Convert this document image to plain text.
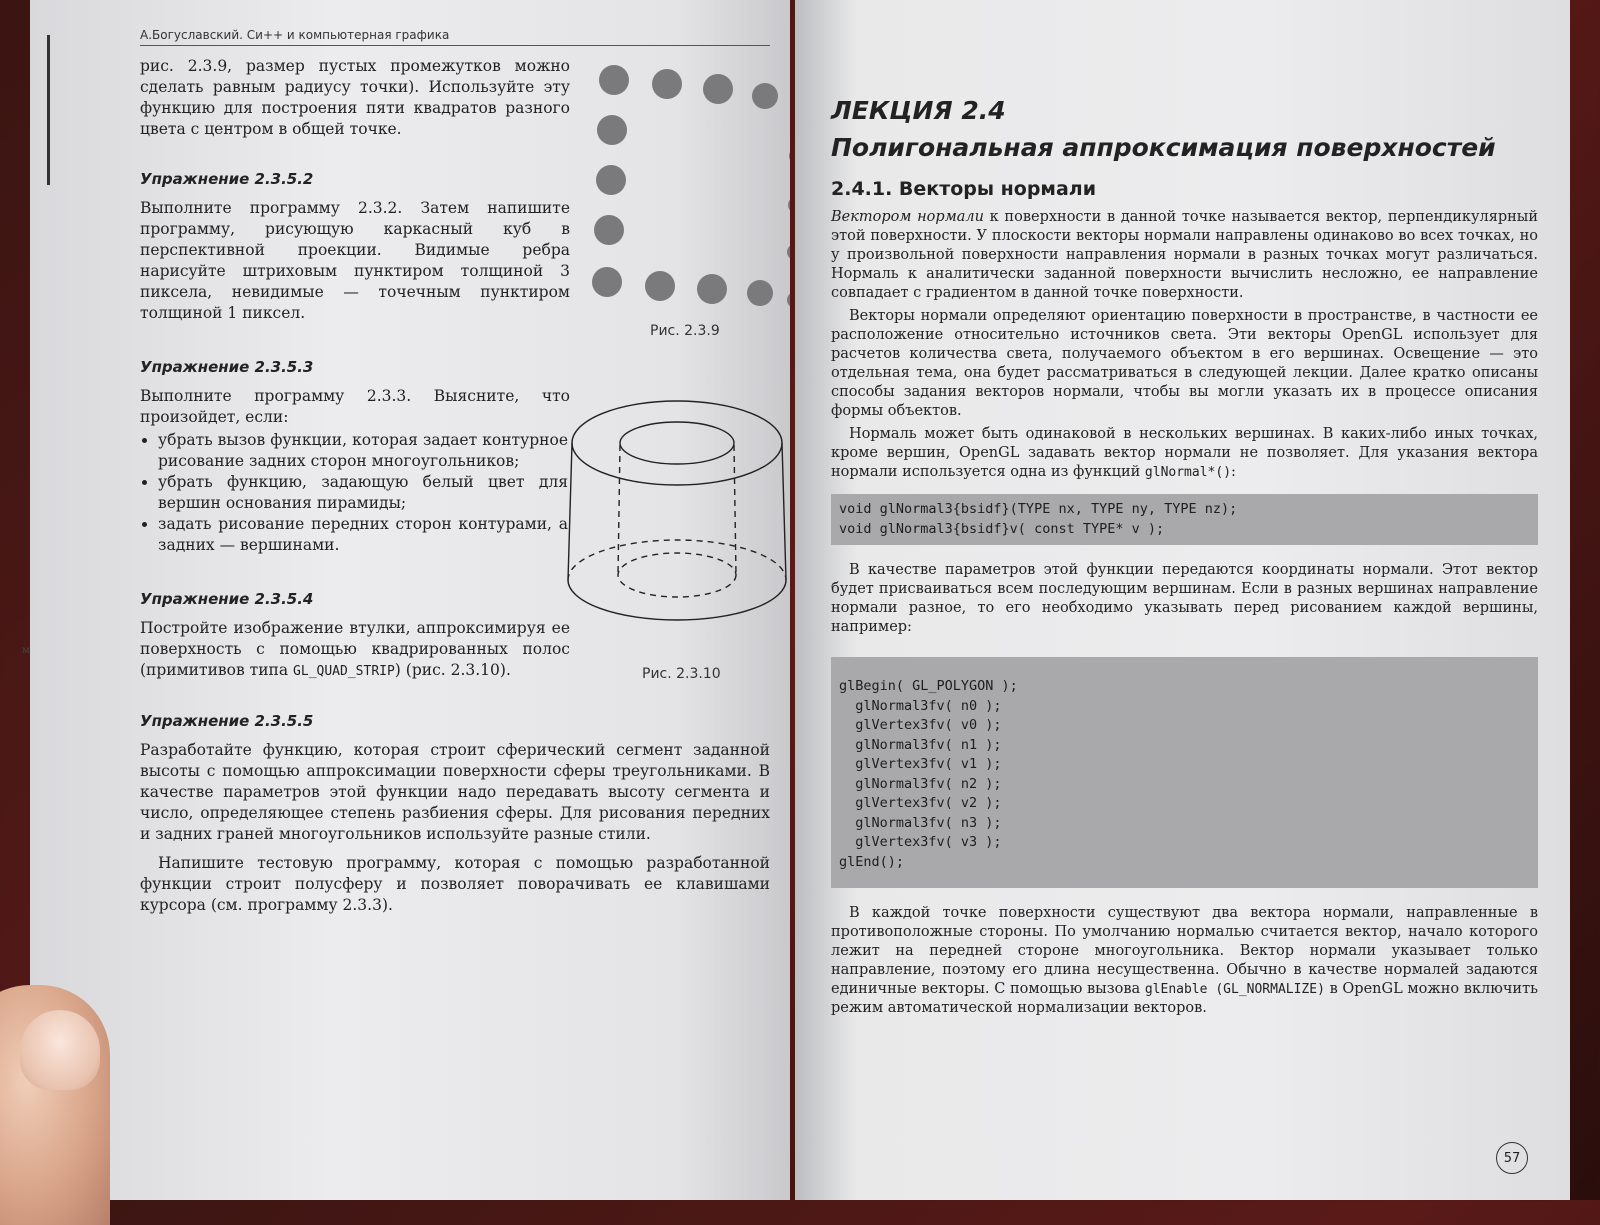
А.Богуславский. Си++ и компьютерная графика

рис. 2.3.9, размер пустых промежутков можно сделать равным радиусу точки). Используйте эту функцию для построения пяти квадратов разного цвета с центром в общей точке.

Упражнение 2.3.5.2

Выполните программу 2.3.2. Затем напишите программу, рисующую каркасный куб в перспективной проекции. Видимые ребра нарисуйте штриховым пунктиром толщиной 3 пиксела, невидимые — точечным пунктиром толщиной 1 пиксел.

Упражнение 2.3.5.3

Выполните программу 2.3.3. Выясните, что произойдет, если:

• убрать вызов функции, которая задает контурное рисование задних сторон многоугольников;
• убрать функцию, задающую белый цвет для вершин основания пирамиды;
• задать рисование передних сторон контурами, а задних — вершинами.
Упражнение 2.3.5.4

Постройте изображение втулки, аппроксимируя ее поверхность с помощью квадрированных полос (примитивов типа GL_QUAD_STRIP) (рис. 2.3.10).

Упражнение 2.3.5.5

Разработайте функцию, которая строит сферический сегмент заданной высоты с помощью аппроксимации поверхности сферы треугольниками. В качестве параметров этой функции надо передавать высоту сегмента и число, определяющее степень разбиения сферы. Для рисования передних и задних граней многоугольников используйте разные стили.

Напишите тестовую программу, которая с помощью разработанной функции строит полусферу и позволяет поворачивать ее клавишами курсора (см. программу 2.3.3).

Рис. 2.3.9
Рис. 2.3.10
м
ЛЕКЦИЯ 2.4
Полигональная аппроксимация поверхностей
2.4.1. Векторы нормали

Вектором нормали к поверхности в данной точке называется вектор, перпендикулярный этой поверхности. У плоскости векторы нормали направлены одинаково во всех точках, но у произвольной поверхности направления нормали в разных точках могут различаться. Нормаль к аналитически заданной поверхности вычислить несложно, ее направление совпадает с градиентом в данной точке поверхности.

Векторы нормали определяют ориентацию поверхности в пространстве, в частности ее расположение относительно источников света. Эти векторы OpenGL использует для расчетов количества света, получаемого объектом в его вершинах. Освещение — это отдельная тема, она будет рассматриваться в следующей лекции. Далее кратко описаны способы задания векторов нормали, чтобы вы могли указать их в процессе описания формы объектов.

Нормаль может быть одинаковой в нескольких вершинах. В каких-либо иных точках, кроме вершин, OpenGL задавать вектор нормали не позволяет. Для указания вектора нормали используется одна из функций glNormal*():

void glNormal3{bsidf}(TYPE nx, TYPE ny, TYPE nz);
void glNormal3{bsidf}v( const TYPE* v );

В качестве параметров этой функции передаются координаты нормали. Этот вектор будет присваиваться всем последующим вершинам. Если в разных вершинах направление нормали разное, то его необходимо указывать перед рисованием каждой вершины, например:

glBegin( GL_POLYGON );
glNormal3fv( n0 );
glVertex3fv( v0 );
glNormal3fv( n1 );
glVertex3fv( v1 );
glNormal3fv( n2 );
glVertex3fv( v2 );
glNormal3fv( n3 );
glVertex3fv( v3 );
glEnd();

В каждой точке поверхности существуют два вектора нормали, направленные в противоположные стороны. По умолчанию нормалью считается вектор, начало которого лежит на передней стороне многоугольника. Вектор нормали указывает только направление, поэтому его длина несущественна. Обычно в качестве нормалей задаются единичные векторы. С помощью вызова glEnable (GL_NORMALIZE) в OpenGL можно включить режим автоматической нормализации векторов.

57
